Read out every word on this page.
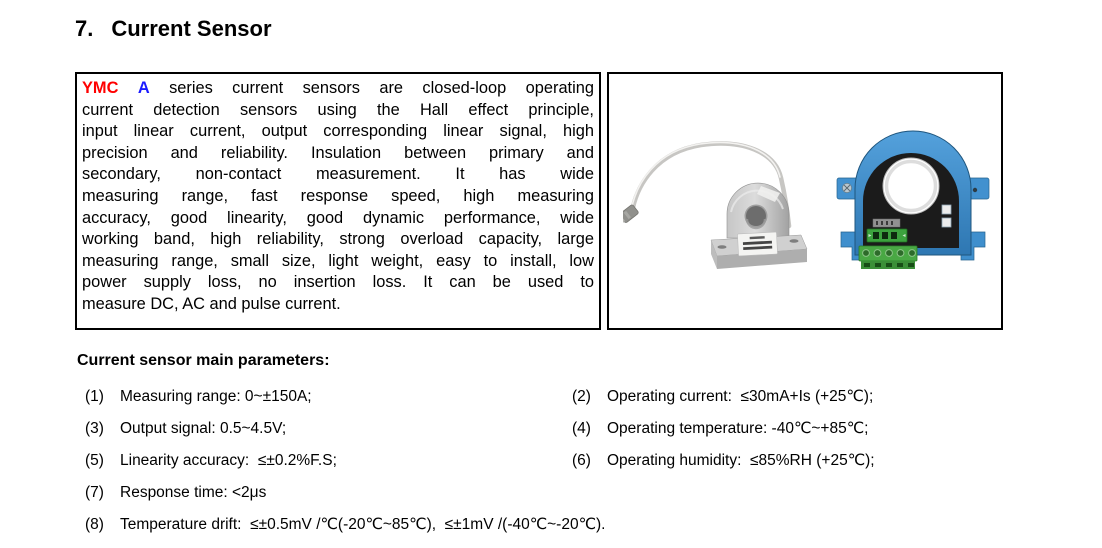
7. Current Sensor
YMC A series current sensors are closed-loop operating
current detection sensors using the Hall effect principle,
input linear current, output corresponding linear signal, high
precision and reliability. Insulation between primary and
secondary, non-contact measurement. It has wide
measuring range, fast response speed, high measuring
accuracy, good linearity, good dynamic performance, wide
working band, high reliability, strong overload capacity, large
measuring range, small size, light weight, easy to install, low
power supply loss, no insertion loss. It can be used to
measure DC, AC and pulse current.
Current sensor main parameters:
(1)	Measuring range: 0~±150A;	(2)	Operating current:  ≤30mA+Is (+25℃);
(3)	Output signal: 0.5~4.5V;	(4)	Operating temperature: -40℃~+85℃;
(5)	Linearity accuracy:  ≤±0.2%F.S;	(6)	Operating humidity:  ≤85%RH (+25℃);
(7)	Response time: <2μs
(8)	Temperature drift:  ≤±0.5mV /℃(-20℃~85℃),  ≤±1mV /(-40℃~-20℃).
